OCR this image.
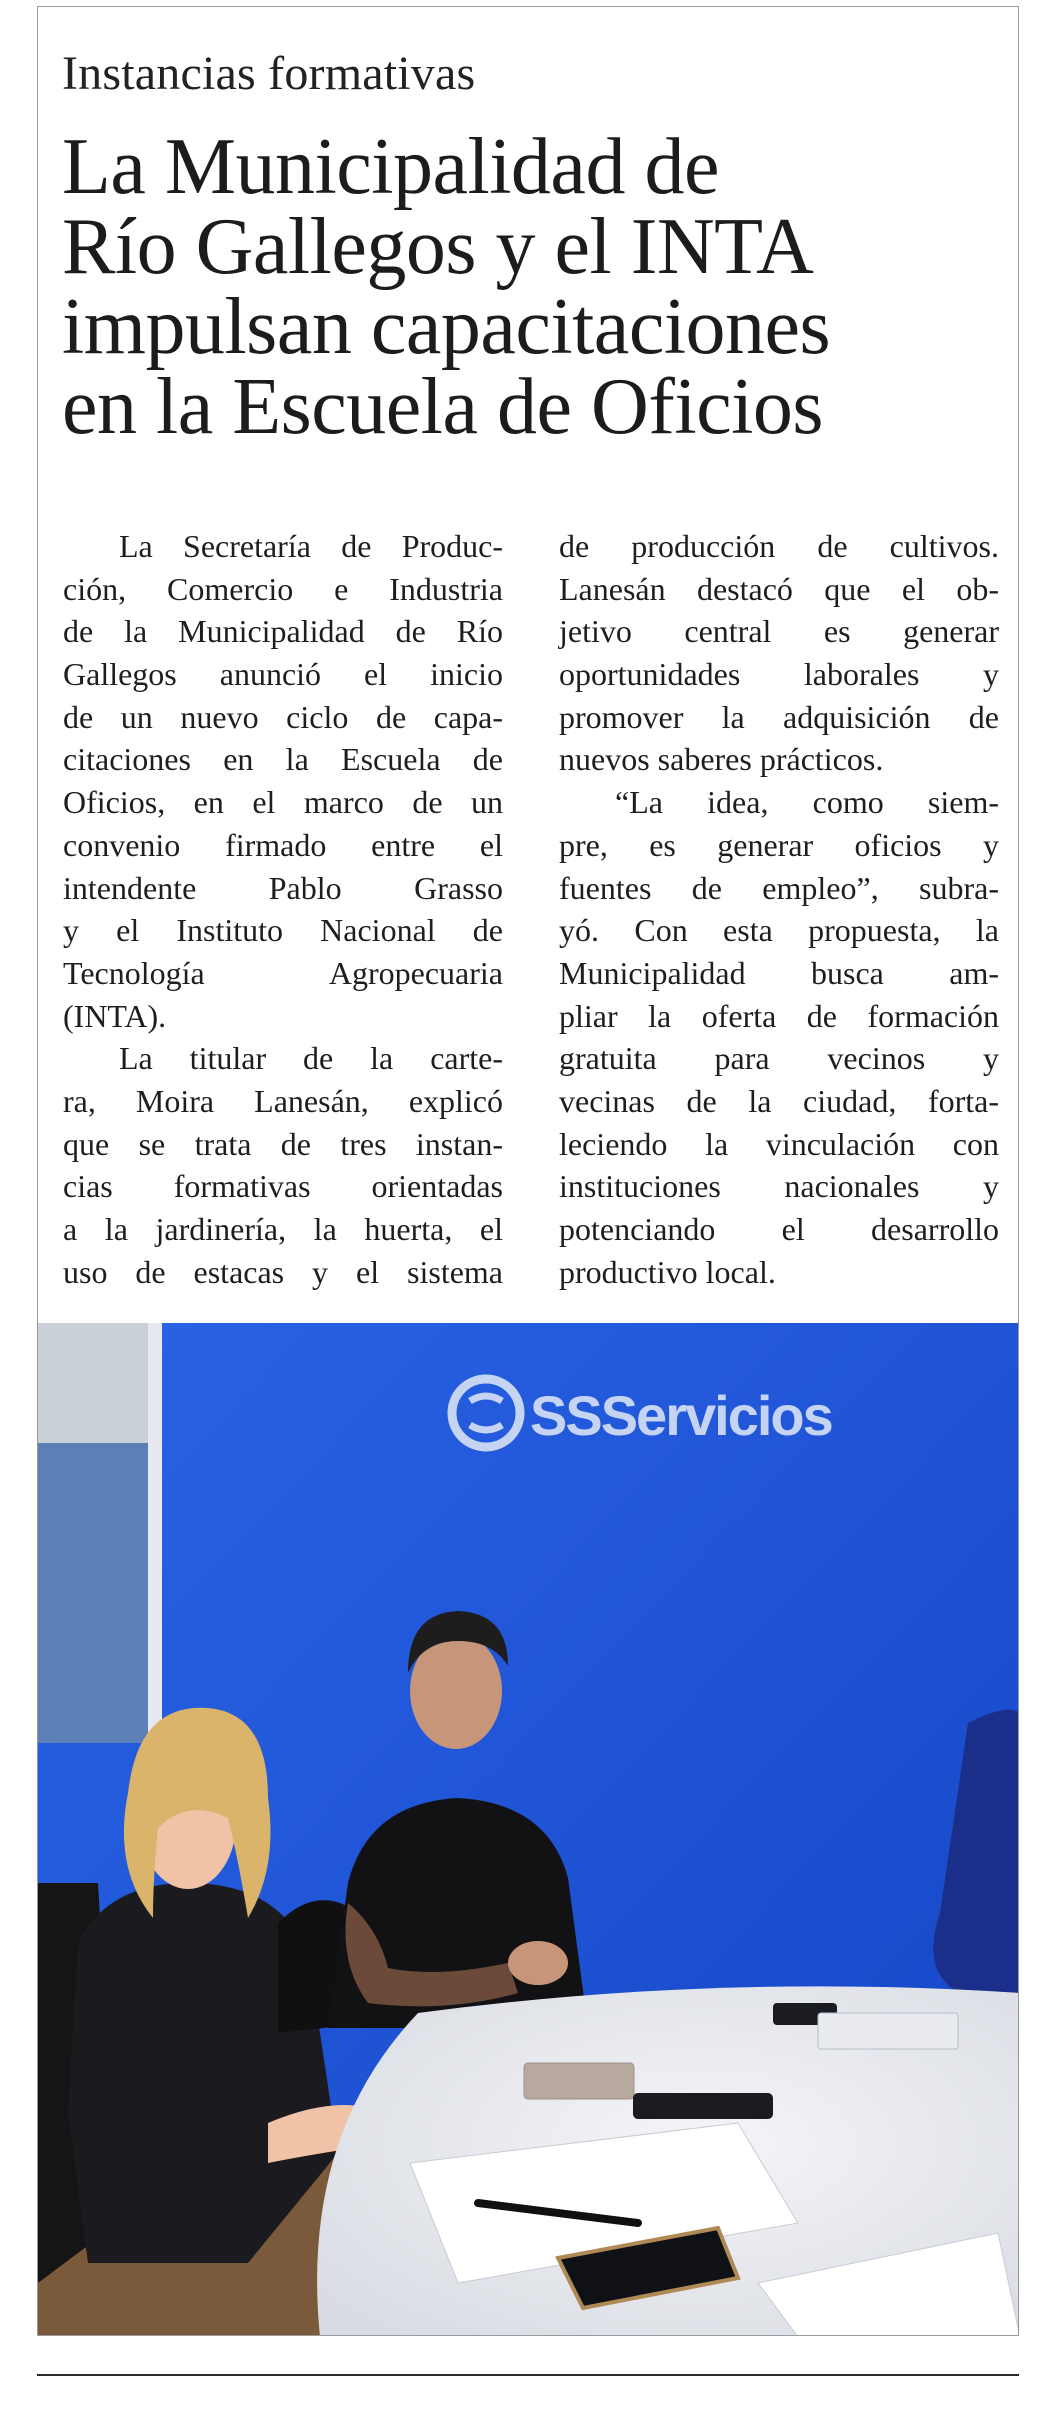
Instancias formativas
La Municipalidad de
Río Gallegos y el INTA
impulsan capacitaciones
en la Escuela de Oficios
La Secretaría de Produc-
ción, Comercio e Industria
de la Municipalidad de Río
Gallegos anunció el inicio
de un nuevo ciclo de capa-
citaciones en la Escuela de
Oficios, en el marco de un
convenio firmado entre el
intendente Pablo Grasso
y el Instituto Nacional de
Tecnología Agropecuaria
(INTA).
La titular de la carte-
ra, Moira Lanesán, explicó
que se trata de tres instan-
cias formativas orientadas
a la jardinería, la huerta, el
uso de estacas y el sistema
de producción de cultivos.
Lanesán destacó que el ob-
jetivo central es generar
oportunidades laborales y
promover la adquisición de
nuevos saberes prácticos.
“La idea, como siem-
pre, es generar oficios y
fuentes de empleo”, subra-
yó. Con esta propuesta, la
Municipalidad busca am-
pliar la oferta de formación
gratuita para vecinos y
vecinas de la ciudad, forta-
leciendo la vinculación con
instituciones nacionales y
potenciando el desarrollo
productivo local.
SSServicios
